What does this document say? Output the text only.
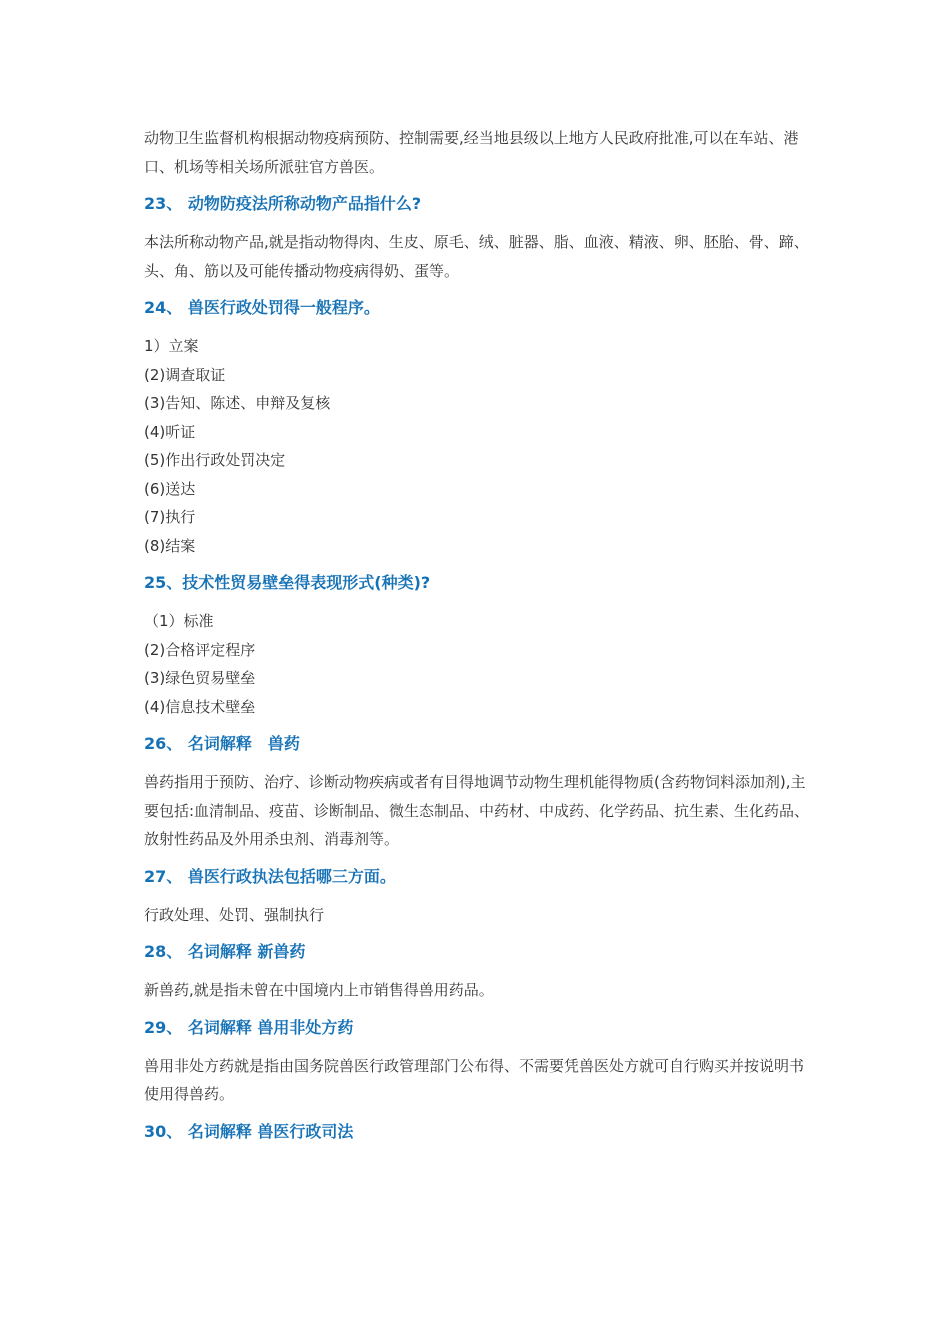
动物卫生监督机构根据动物疫病预防、控制需要,经当地县级以上地方人民政府批准,可以在车站、港口、机场等相关场所派驻官方兽医。

23、 动物防疫法所称动物产品指什么?

本法所称动物产品,就是指动物得肉、生皮、原毛、绒、脏器、脂、血液、精液、卵、胚胎、骨、蹄、头、角、筋以及可能传播动物疫病得奶、蛋等。

24、 兽医行政处罚得一般程序。

1）立案

(2)调查取证

(3)告知、陈述、申辩及复核

(4)听证

(5)作出行政处罚决定

(6)送达

(7)执行

(8)结案

25、技术性贸易壁垒得表现形式(种类)?

（1）标准

(2)合格评定程序

(3)绿色贸易壁垒

(4)信息技术壁垒

26、 名词解释　兽药

兽药指用于预防、治疗、诊断动物疾病或者有目得地调节动物生理机能得物质(含药物饲料添加剂),主要包括:血清制品、疫苗、诊断制品、微生态制品、中药材、中成药、化学药品、抗生素、生化药品、放射性药品及外用杀虫剂、消毒剂等。

27、 兽医行政执法包括哪三方面。

行政处理、处罚、强制执行

28、 名词解释 新兽药

新兽药,就是指未曾在中国境内上市销售得兽用药品。

29、 名词解释 兽用非处方药

兽用非处方药就是指由国务院兽医行政管理部门公布得、不需要凭兽医处方就可自行购买并按说明书使用得兽药。

30、 名词解释 兽医行政司法
